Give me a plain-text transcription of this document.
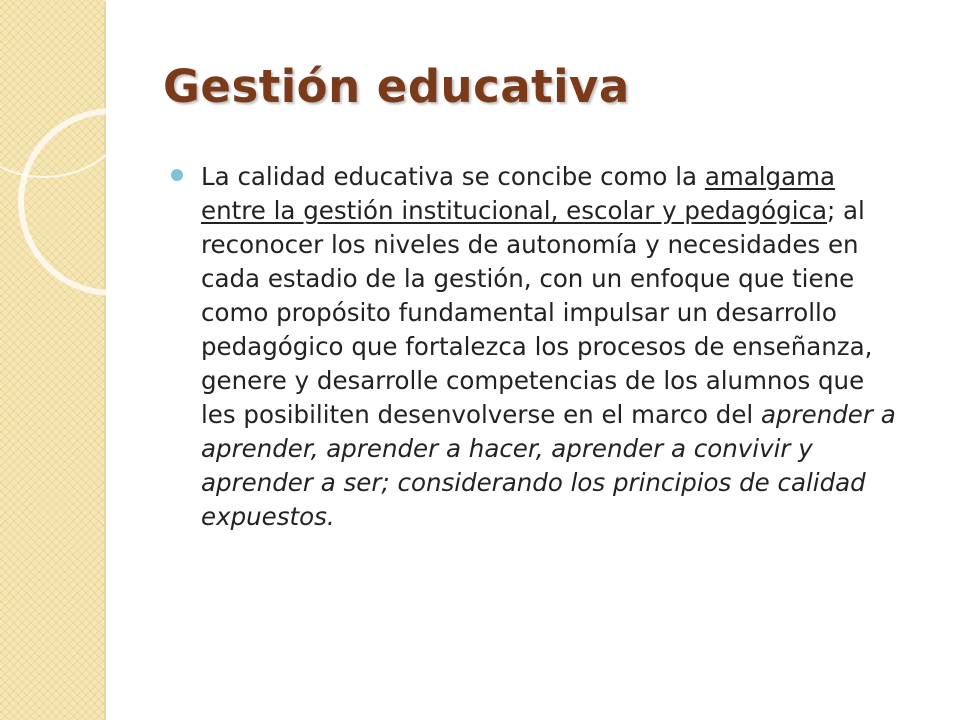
Gestión educativa

La calidad educativa se concibe como la amalgama entre la gestión institucional, escolar y pedagógica; al reconocer los niveles de autonomía y necesidades en cada estadio de la gestión, con un enfoque que tiene como propósito fundamental impulsar un desarrollo pedagógico que fortalezca los procesos de enseñanza, genere y desarrolle competencias de los alumnos que les posibiliten desenvolverse en el marco del aprender a aprender, aprender a hacer, aprender a convivir y aprender a ser; considerando los principios de calidad expuestos.
